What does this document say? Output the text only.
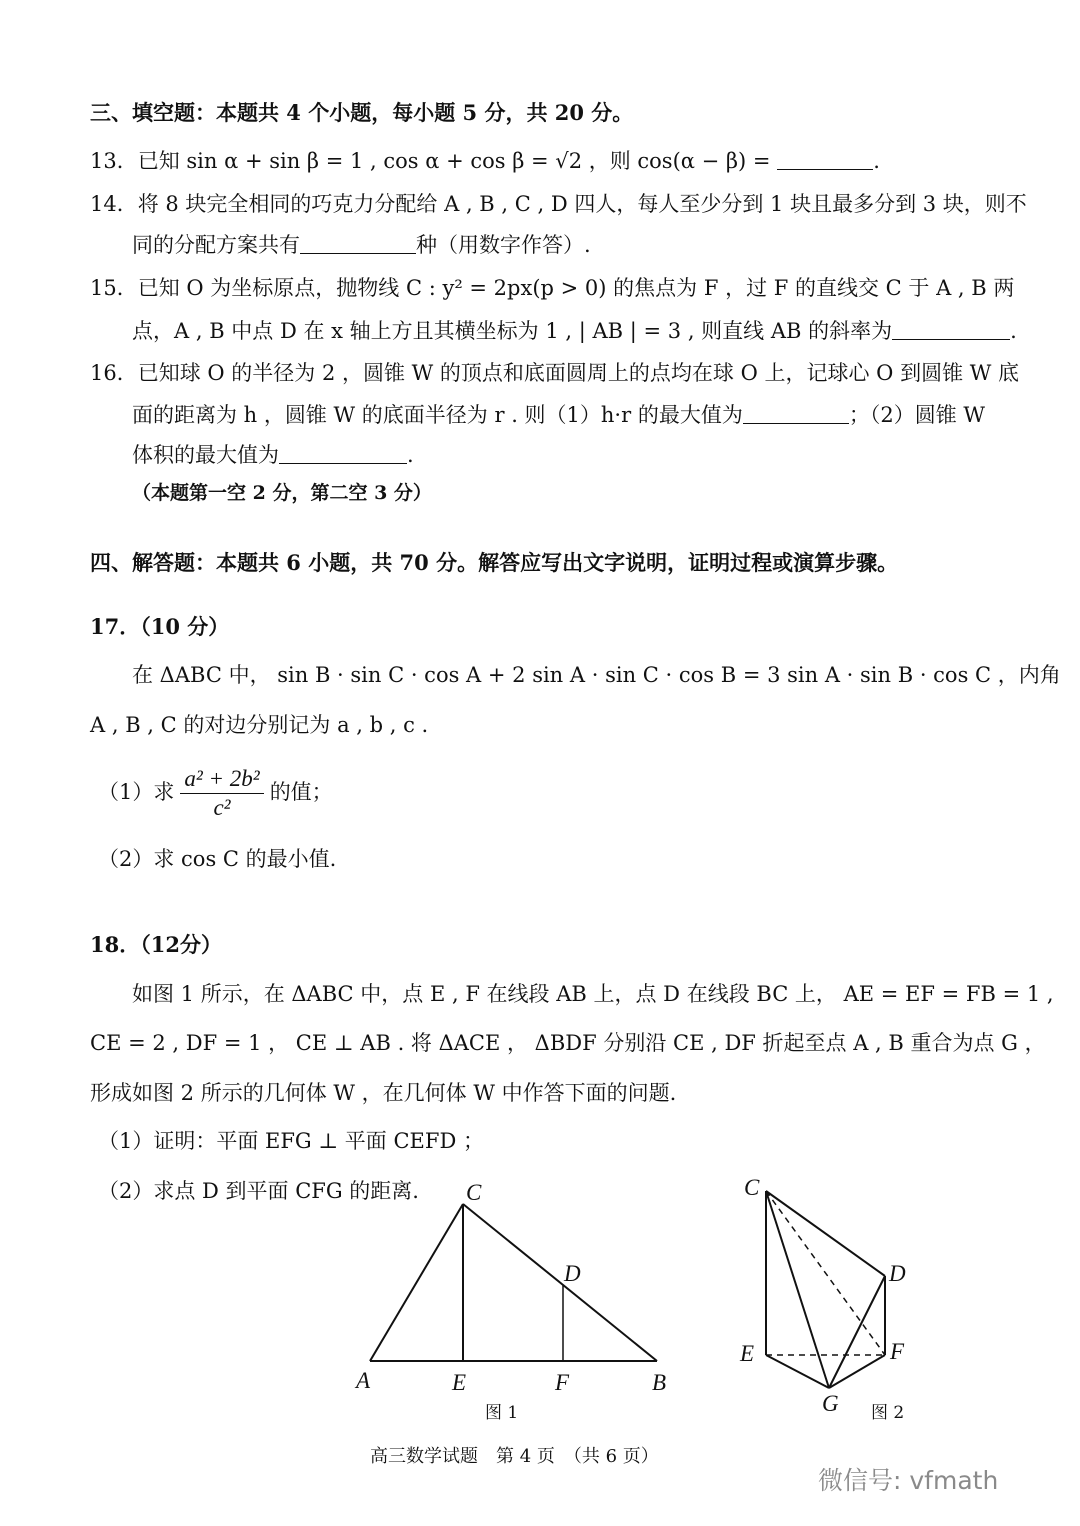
三、填空题：本题共 4 个小题，每小题 5 分，共 20 分。
13．已知 sin α + sin β = 1 , cos α + cos β = √2 ，则 cos(α − β) =	.
14．将 8 块完全相同的巧克力分配给 A , B , C , D 四人，每人至少分到 1 块且最多分到 3 块，则不
同的分配方案共有	种（用数字作答）.
15．已知 O 为坐标原点，抛物线 C : y² = 2px(p > 0) 的焦点为 F ，过 F 的直线交 C 于 A , B 两
点，A , B 中点 D 在 x 轴上方且其横坐标为 1 , | AB | = 3 , 则直线 AB 的斜率为	.
16．已知球 O 的半径为 2 ，圆锥 W 的顶点和底面圆周上的点均在球 O 上，记球心 O 到圆锥 W 底
面的距离为 h ，圆锥 W 的底面半径为 r . 则（1）h·r 的最大值为	；（2）圆锥 W
体积的最大值为	.
（本题第一空 2 分，第二空 3 分）
四、解答题：本题共 6 小题，共 70 分。解答应写出文字说明，证明过程或演算步骤。
17．（10 分）
在 ΔABC 中， sin B · sin C · cos A + 2 sin A · sin C · cos B = 3 sin A · sin B · cos C ，内角
A , B , C 的对边分别记为 a , b , c .
（1）求 $\frac{\text{a² + 2b²}}{\text{c²}}$ 的值；
（2）求 cos C 的最小值.
18．（12分）
如图 1 所示，在 ΔABC 中，点 E , F 在线段 AB 上，点 D 在线段 BC 上， AE = EF = FB = 1 ,
CE = 2 , DF = 1 ， CE ⊥ AB . 将 ΔACE ， ΔBDF 分别沿 CE , DF 折起至点 A , B 重合为点 G ，
形成如图 2 所示的几何体 W ，在几何体 W 中作答下面的问题.
（1）证明：平面 EFG ⊥ 平面 CEFD ；
（2）求点 D 到平面 CFG 的距离. C
D
A	E	F	B
图 1
C
D
E	F
G 图 2
高三数学试题　第 4 页　（共 6 页）
微信号: vfmath
